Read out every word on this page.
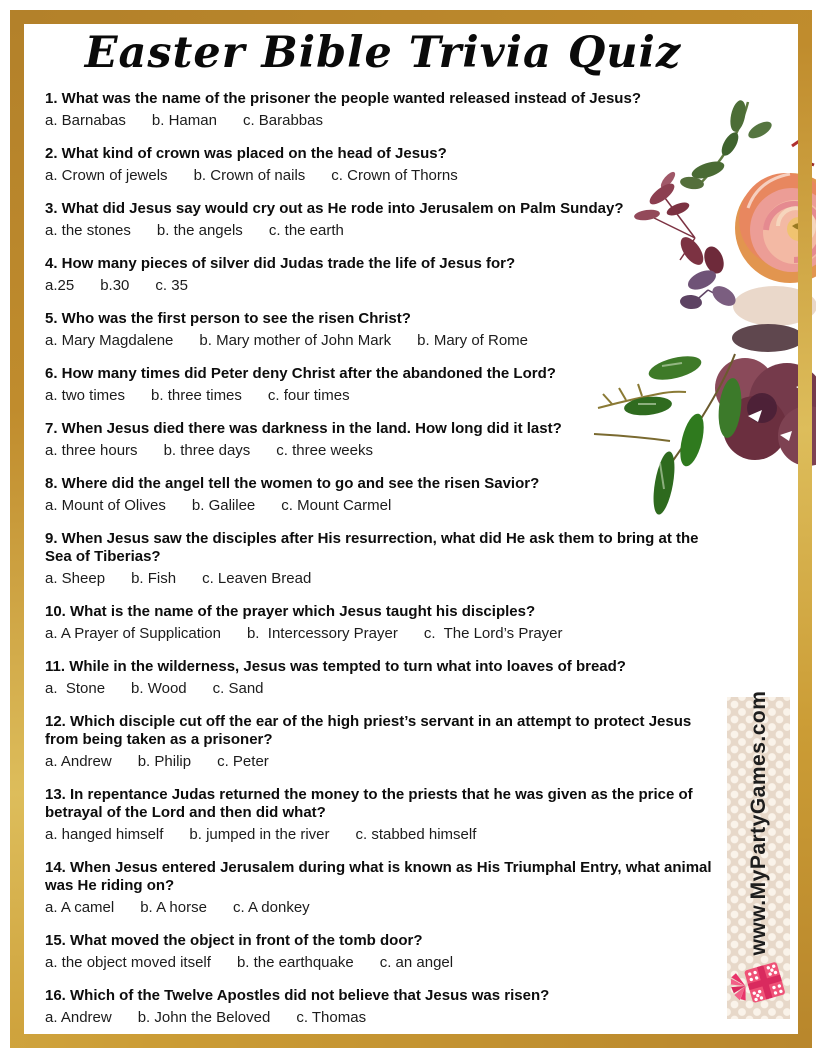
Easter Bible Trivia Quiz
1. What was the name of the prisoner the people wanted released instead of Jesus?
a. Barnabas b. Haman c. Barabbas
2. What kind of crown was placed on the head of Jesus?
a. Crown of jewels b. Crown of nails c. Crown of Thorns
3. What did Jesus say would cry out as He rode into Jerusalem on Palm Sunday?
a. the stones b. the angels c. the earth
4. How many pieces of silver did Judas trade the life of Jesus for?
a.25 b.30 c. 35
5. Who was the first person to see the risen Christ?
a. Mary Magdalene b. Mary mother of John Mark b. Mary of Rome
6. How many times did Peter deny Christ after the abandoned the Lord?
a. two times b. three times c. four times
7. When Jesus died there was darkness in the land. How long did it last?
a. three hours b. three days c. three weeks
8. Where did the angel tell the women to go and see the risen Savior?
a. Mount of Olives b. Galilee c. Mount Carmel
9. When Jesus saw the disciples after His resurrection, what did He ask them to bring at the Sea of Tiberias?
a. Sheep b. Fish c. Leaven Bread
10. What is the name of the prayer which Jesus taught his disciples?
a. A Prayer of Supplication b.  Intercessory Prayer c.  The Lord’s Prayer
11. While in the wilderness, Jesus was tempted to turn what into loaves of bread?
a.  Stone b. Wood c. Sand
12. Which disciple cut off the ear of the high priest’s servant in an attempt to protect Jesus from being taken as a prisoner?
a. Andrew b. Philip c. Peter
13. In repentance Judas returned the money to the priests that he was given as the price of betrayal of the Lord and then did what?
a. hanged himself b. jumped in the river c. stabbed himself
14. When Jesus entered Jerusalem during what is known as His Triumphal Entry, what animal was He riding on?
a. A camel b. A horse c. A donkey
15. What moved the object in front of the tomb door?
a. the object moved itself b. the earthquake c. an angel
16. Which of the Twelve Apostles did not believe that Jesus was risen?
a. Andrew b. John the Beloved c. Thomas
www.MyPartyGames.com
